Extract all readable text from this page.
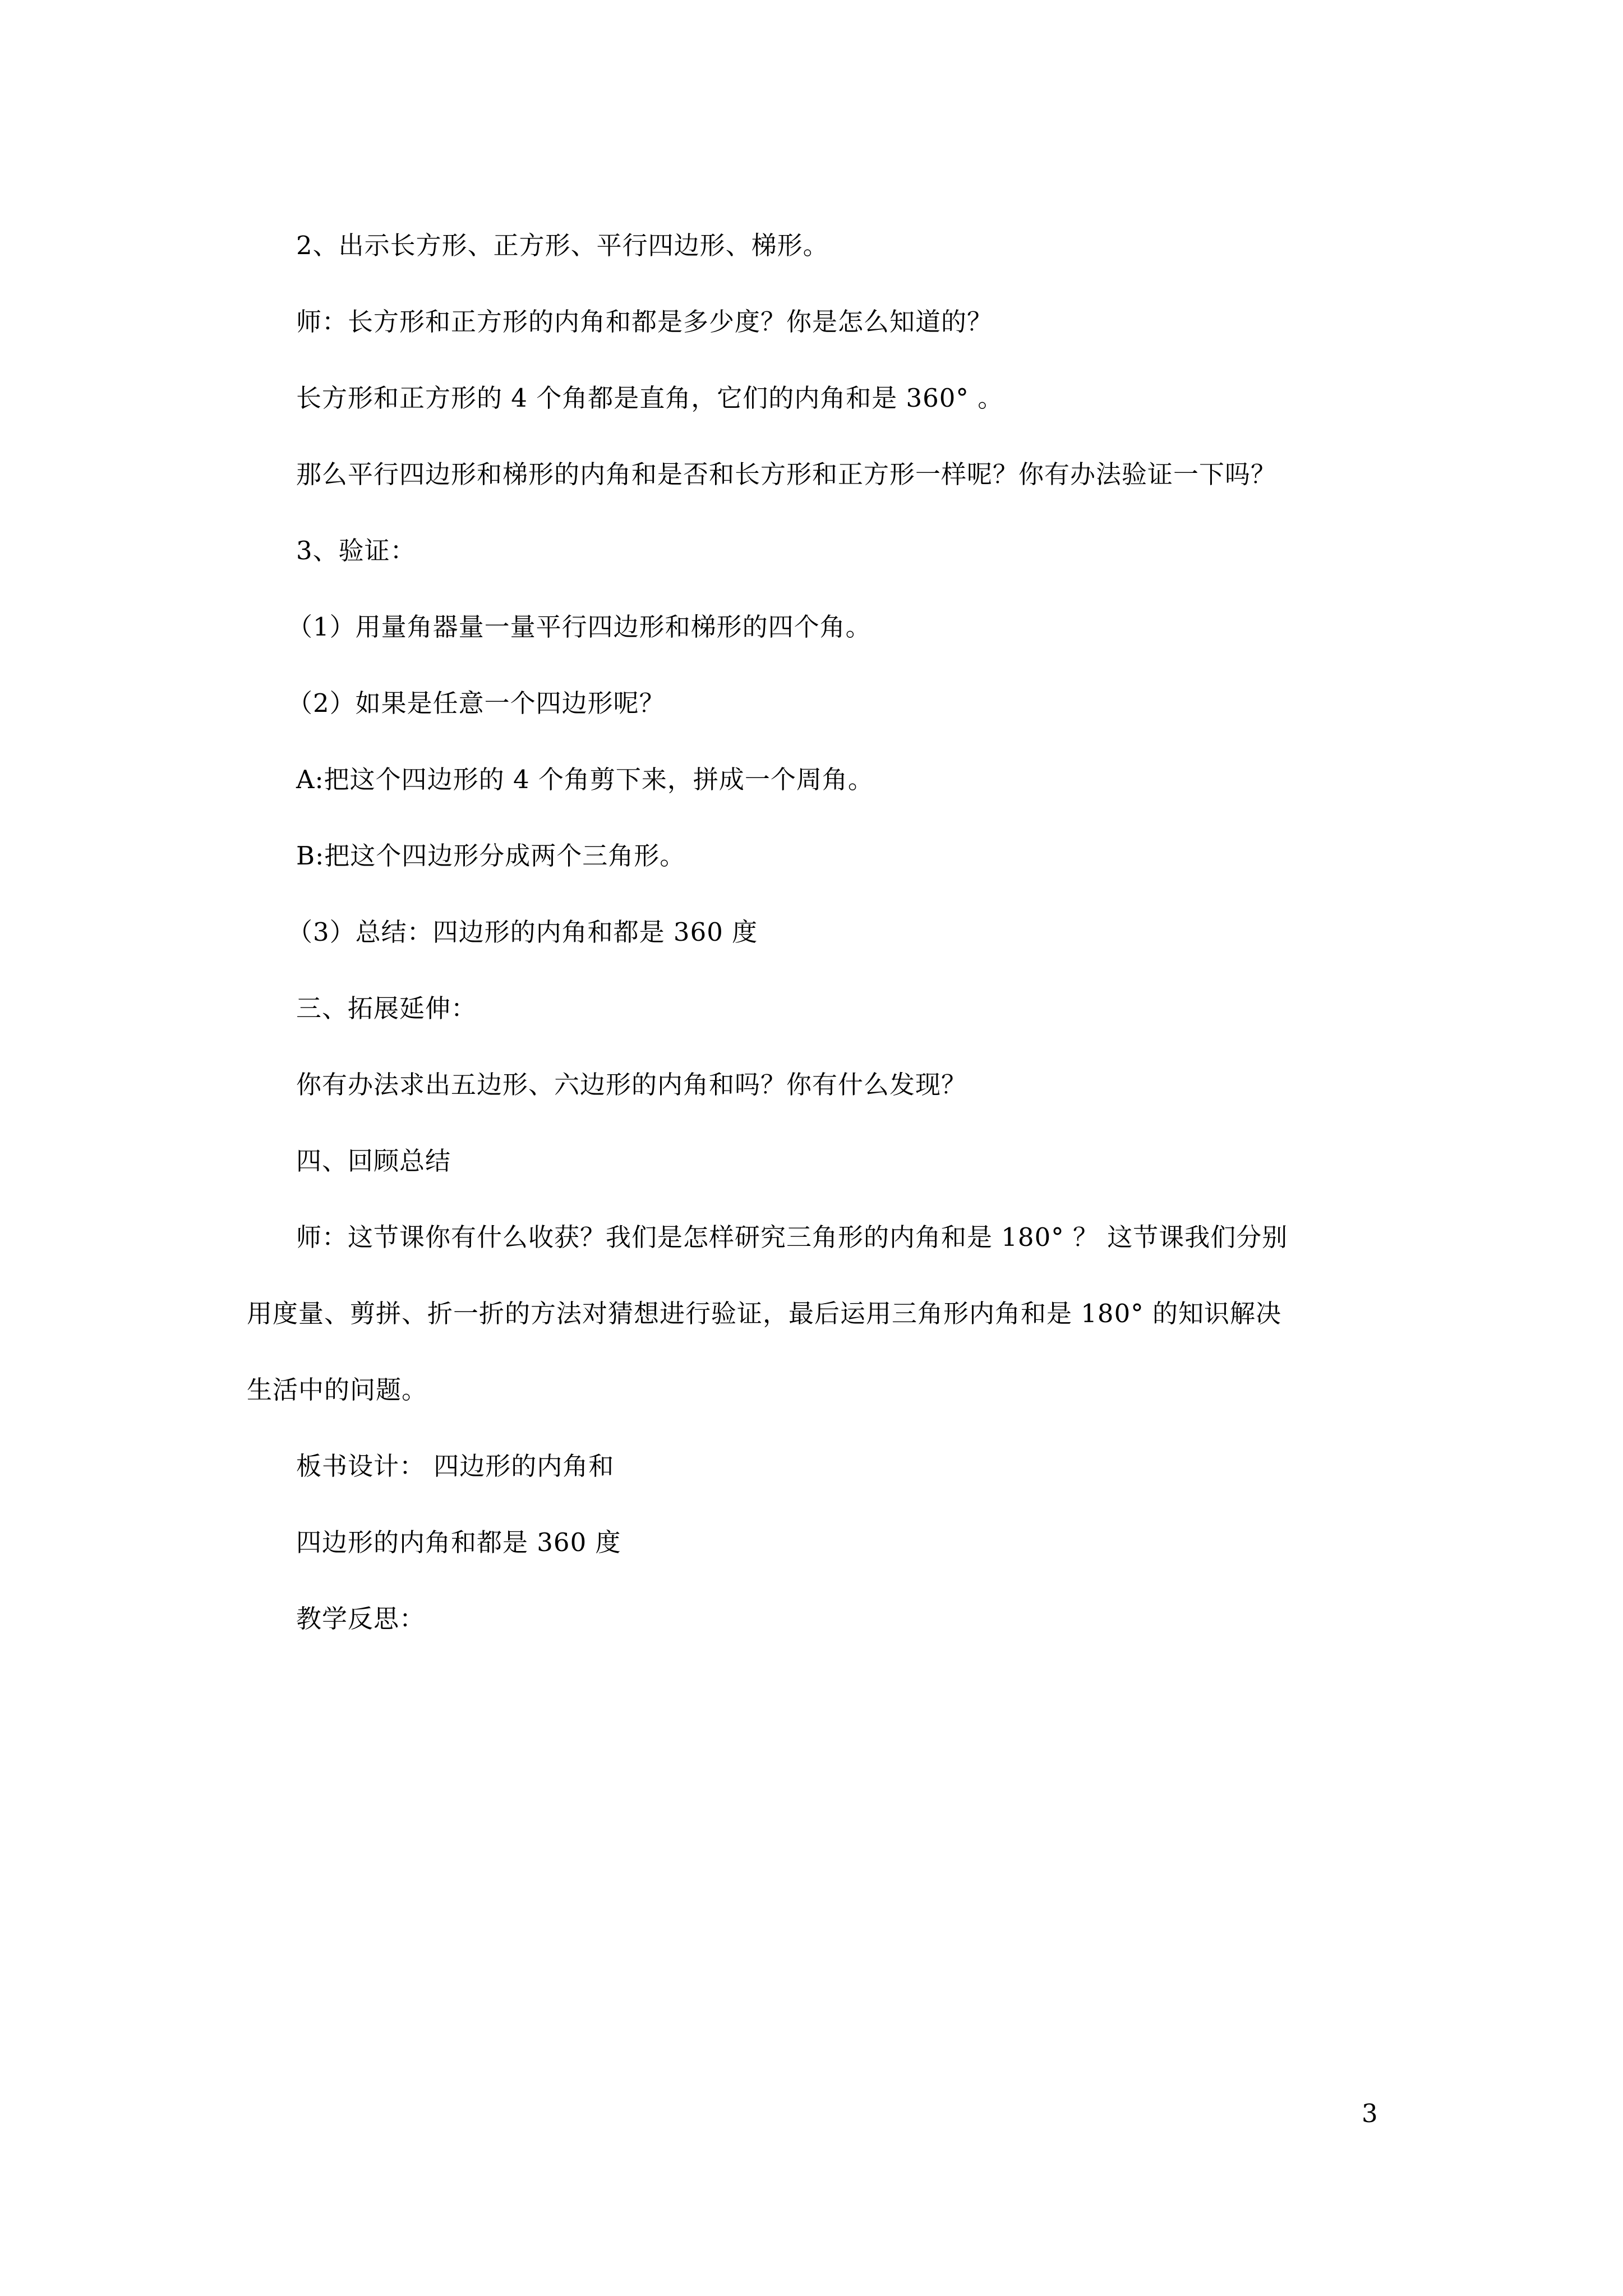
2、出示长方形、正方形、平行四边形、梯形。
师：长方形和正方形的内角和都是多少度？你是怎么知道的？
长方形和正方形的 4 个角都是直角，它们的内角和是 360° 。
那么平行四边形和梯形的内角和是否和长方形和正方形一样呢？你有办法验证一下吗？
3、验证：
（1）用量角器量一量平行四边形和梯形的四个角。
（2）如果是任意一个四边形呢？
A:把这个四边形的 4 个角剪下来，拼成一个周角。
B:把这个四边形分成两个三角形。
（3）总结：四边形的内角和都是 360 度
三、拓展延伸：
你有办法求出五边形、六边形的内角和吗？你有什么发现？
四、回顾总结
师：这节课你有什么收获？我们是怎样研究三角形的内角和是 180° ？ 这节课我们分别
用度量、剪拼、折一折的方法对猜想进行验证，最后运用三角形内角和是 180° 的知识解决
生活中的问题。
板书设计： 四边形的内角和
四边形的内角和都是 360 度
教学反思：
3
